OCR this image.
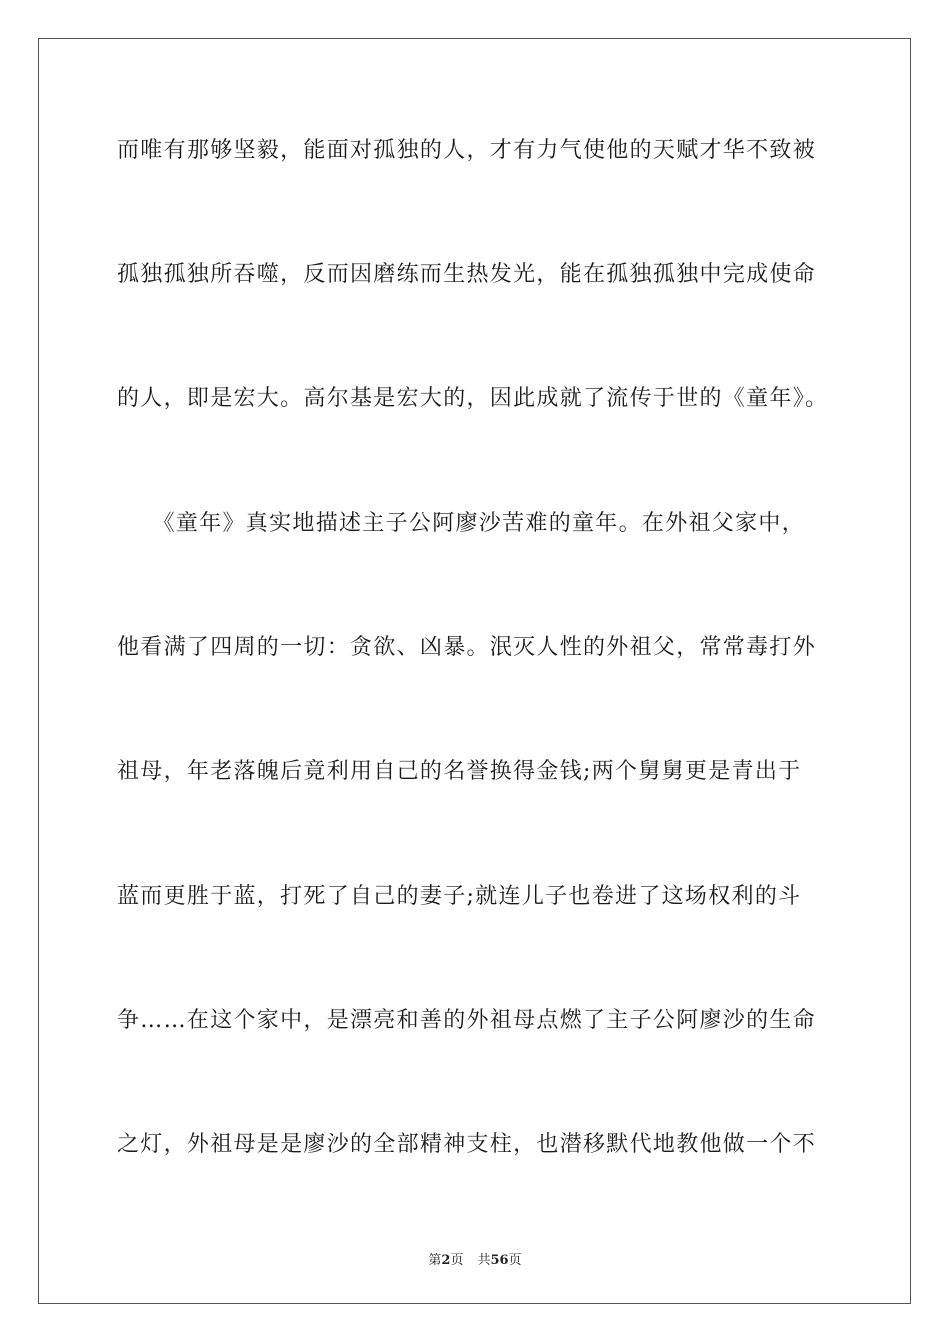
而唯有那够坚毅，能面对孤独的人，才有力气使他的天赋才华不致被
孤独孤独所吞噬，反而因磨练而生热发光，能在孤独孤独中完成使命
的人，即是宏大。高尔基是宏大的，因此成就了流传于世的《童年》。
　　《童年》真实地描述主子公阿廖沙苦难的童年。在外祖父家中，
他看满了四周的一切：贪欲、凶暴。泯灭人性的外祖父，常常毒打外
祖母，年老落魄后竟利用自己的名誉换得金钱;两个舅舅更是青出于
蓝而更胜于蓝，打死了自己的妻子;就连儿子也卷进了这场权利的斗
争……在这个家中，是漂亮和善的外祖母点燃了主子公阿廖沙的生命
之灯，外祖母是是廖沙的全部精神支柱，也潜移默代地教他做一个不
第2页 共56页
